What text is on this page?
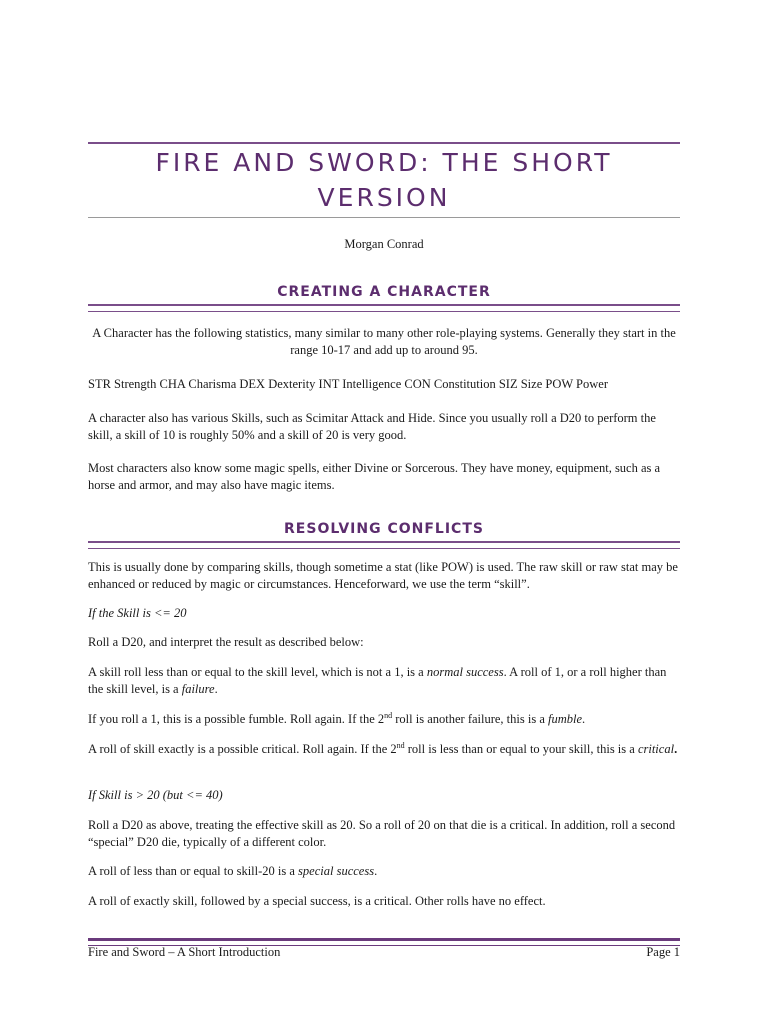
FIRE AND SWORD: THE SHORT VERSION
Morgan Conrad
CREATING A CHARACTER

A Character has the following statistics, many similar to many other role-playing systems. Generally they start in the range 10-17 and add up to around 95.

STR Strength CHA Charisma DEX Dexterity INT Intelligence CON Constitution SIZ Size POW Power

A character also has various Skills, such as Scimitar Attack and Hide. Since you usually roll a D20 to perform the skill, a skill of 10 is roughly 50% and a skill of 20 is very good.

Most characters also know some magic spells, either Divine or Sorcerous. They have money, equipment, such as a horse and armor, and may also have magic items.

RESOLVING CONFLICTS

This is usually done by comparing skills, though sometime a stat (like POW) is used. The raw skill or raw stat may be enhanced or reduced by magic or circumstances. Henceforward, we use the term “skill”.

If the Skill is <= 20

Roll a D20, and interpret the result as described below:

A skill roll less than or equal to the skill level, which is not a 1, is a normal success. A roll of 1, or a roll higher than the skill level, is a failure.

If you roll a 1, this is a possible fumble. Roll again. If the 2nd roll is another failure, this is a fumble.

A roll of skill exactly is a possible critical. Roll again. If the 2nd roll is less than or equal to your skill, this is a critical.

If Skill is > 20 (but <= 40)

Roll a D20 as above, treating the effective skill as 20. So a roll of 20 on that die is a critical. In addition, roll a second “special” D20 die, typically of a different color.

A roll of less than or equal to skill-20 is a special success.

A roll of exactly skill, followed by a special success, is a critical. Other rolls have no effect.

Fire and Sword – A Short Introduction	Page 1
